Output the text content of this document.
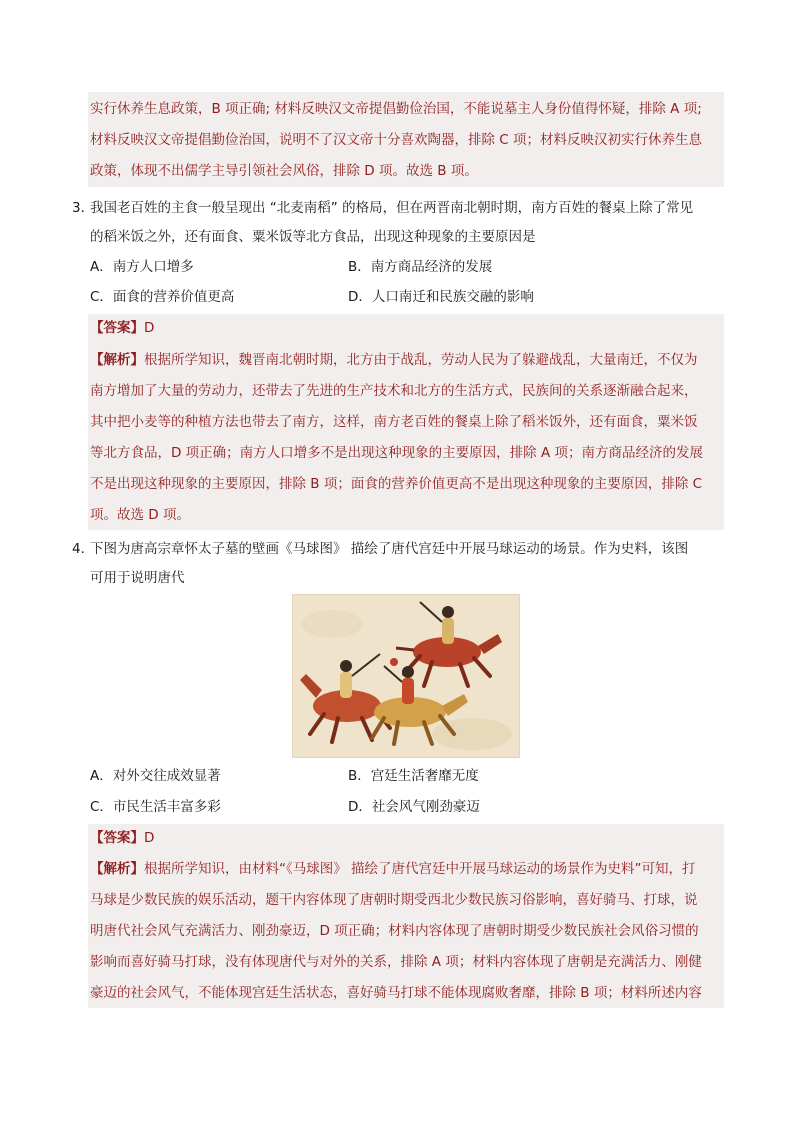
实行休养生息政策，B 项正确; 材料反映汉文帝提倡勤俭治国，不能说墓主人身份值得怀疑，排除 A 项;
材料反映汉文帝提倡勤俭治国，说明不了汉文帝十分喜欢陶器，排除 C 项；材料反映汉初实行休养生息
政策，体现不出儒学主导引领社会风俗，排除 D 项。故选 B 项。
3．
我国老百姓的主食一般呈现出 “北麦南稻” 的格局，但在两晋南北朝时期，南方百姓的餐桌上除了常见
的稻米饭之外，还有面食、粟米饭等北方食品，出现这种现象的主要原因是
A．南方人口增多	B．南方商品经济的发展
C．面食的营养价值更高	D．人口南迁和民族交融的影响
【答案】D
【解析】根据所学知识，魏晋南北朝时期，北方由于战乱，劳动人民为了躲避战乱，大量南迁，不仅为
南方增加了大量的劳动力，还带去了先进的生产技术和北方的生活方式，民族间的关系逐渐融合起来，
其中把小麦等的种植方法也带去了南方，这样，南方老百姓的餐桌上除了稻米饭外，还有面食，粟米饭
等北方食品，D 项正确；南方人口增多不是出现这种现象的主要原因，排除 A 项；南方商品经济的发展
不是出现这种现象的主要原因，排除 B 项；面食的营养价值更高不是出现这种现象的主要原因，排除 C
项。故选 D 项。
4．
下图为唐高宗章怀太子墓的壁画《马球图》 描绘了唐代宫廷中开展马球运动的场景。作为史料，该图
可用于说明唐代
A．对外交往成效显著	B．宫廷生活奢靡无度
C．市民生活丰富多彩	D．社会风气刚劲豪迈
【答案】D
【解析】根据所学知识，由材料“《马球图》 描绘了唐代宫廷中开展马球运动的场景作为史料”可知，打
马球是少数民族的娱乐活动，题干内容体现了唐朝时期受西北少数民族习俗影响，喜好骑马、打球，说
明唐代社会风气充满活力、刚劲豪迈，D 项正确；材料内容体现了唐朝时期受少数民族社会风俗习惯的
影响而喜好骑马打球，没有体现唐代与对外的关系，排除 A 项；材料内容体现了唐朝是充满活力、刚健
豪迈的社会风气，不能体现宫廷生活状态，喜好骑马打球不能体现腐败奢靡，排除 B 项；材料所述内容
